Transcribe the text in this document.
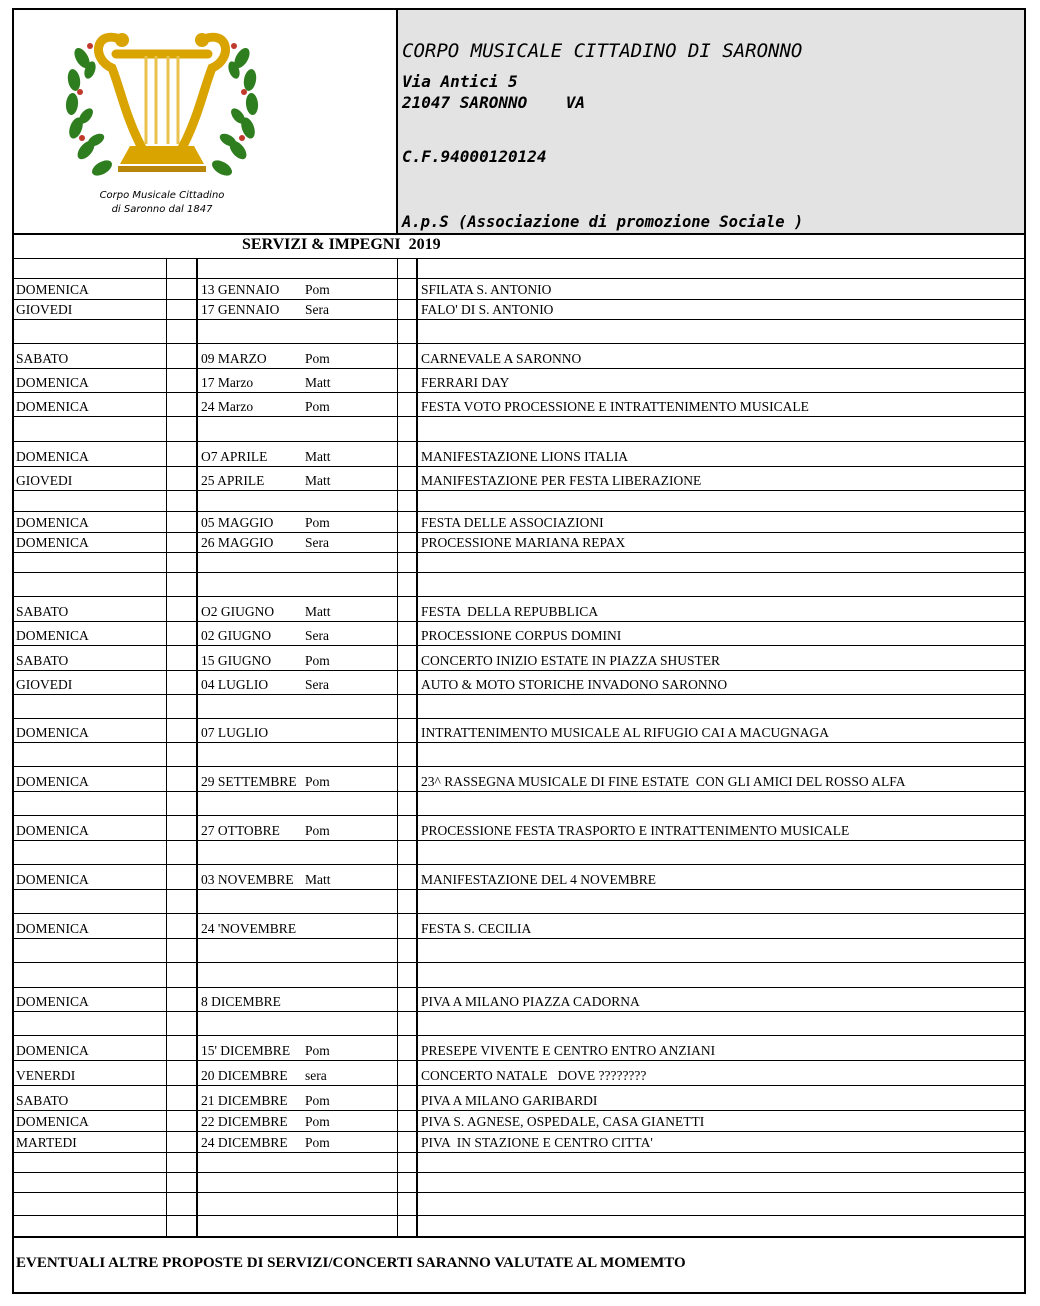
Corpo Musicale Cittadino
di Saronno dal 1847
CORPO MUSICALE CITTADINO DI SARONNO
Via Antici 5
21047 SARONNO    VA
C.F.94000120124
A.p.S (Associazione di promozione Sociale )
SERVIZI & IMPEGNI  2019
DOMENICA	13 GENNAIO	Pom	SFILATA S. ANTONIO
GIOVEDI	17 GENNAIO	Sera	FALO' DI S. ANTONIO
SABATO	09 MARZO	Pom	CARNEVALE A SARONNO
DOMENICA	17 Marzo	Matt	FERRARI DAY
DOMENICA	24 Marzo	Pom	FESTA VOTO PROCESSIONE E INTRATTENIMENTO MUSICALE
DOMENICA	O7 APRILE	Matt	MANIFESTAZIONE LIONS ITALIA
GIOVEDI	25 APRILE	Matt	MANIFESTAZIONE PER FESTA LIBERAZIONE
DOMENICA	05 MAGGIO	Pom	FESTA DELLE ASSOCIAZIONI
DOMENICA	26 MAGGIO	Sera	PROCESSIONE MARIANA REPAX
SABATO	O2 GIUGNO	Matt	FESTA  DELLA REPUBBLICA
DOMENICA	02 GIUGNO	Sera	PROCESSIONE CORPUS DOMINI
SABATO	15 GIUGNO	Pom	CONCERTO INIZIO ESTATE IN PIAZZA SHUSTER
GIOVEDI	04 LUGLIO	Sera	AUTO & MOTO STORICHE INVADONO SARONNO
DOMENICA	07 LUGLIO	INTRATTENIMENTO MUSICALE AL RIFUGIO CAI A MACUGNAGA
DOMENICA	29 SETTEMBRE Pom	23^ RASSEGNA MUSICALE DI FINE ESTATE  CON GLI AMICI DEL ROSSO ALFA
DOMENICA	27 OTTOBRE	Pom	PROCESSIONE FESTA TRASPORTO E INTRATTENIMENTO MUSICALE
DOMENICA	03 NOVEMBRE Matt	MANIFESTAZIONE DEL 4 NOVEMBRE
DOMENICA	24 'NOVEMBRE	FESTA S. CECILIA
DOMENICA	8 DICEMBRE	PIVA A MILANO PIAZZA CADORNA
DOMENICA	15' DICEMBRE	Pom	PRESEPE VIVENTE E CENTRO ENTRO ANZIANI
VENERDI	20 DICEMBRE	sera	CONCERTO NATALE   DOVE ????????
SABATO	21 DICEMBRE	Pom	PIVA A MILANO GARIBARDI
DOMENICA	22 DICEMBRE	Pom	PIVA S. AGNESE, OSPEDALE, CASA GIANETTI
MARTEDI	24 DICEMBRE	Pom	PIVA  IN STAZIONE E CENTRO CITTA'
EVENTUALI ALTRE PROPOSTE DI SERVIZI/CONCERTI SARANNO VALUTATE AL MOMEMTO
